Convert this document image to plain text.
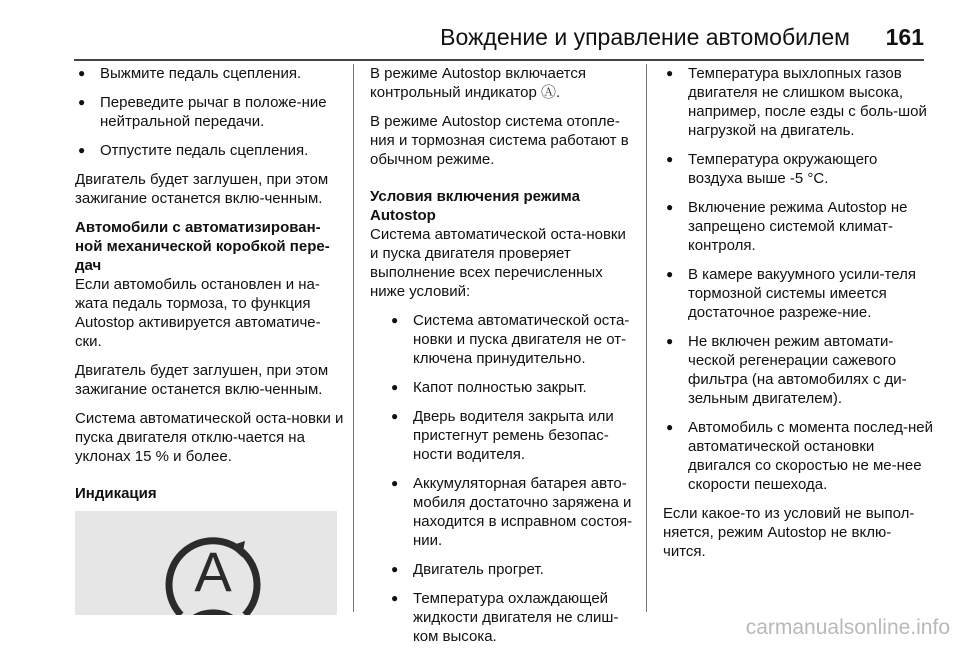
Вождение и управление автомобилем 161
● Выжмите педаль сцепления.
● Переведите рычаг в положе-ние нейтральной передачи.
● Отпустите педаль сцепления.

Двигатель будет заглушен, при этом зажигание останется вклю-ченным.

Автомобили с автоматизирован-ной механической коробкой пере-дач

Если автомобиль остановлен и на-жата педаль тормоза, то функция Autostop активируется автоматиче-ски.

Двигатель будет заглушен, при этом зажигание останется вклю-ченным.

Система автоматической оста-новки и пуска двигателя отклю-чается на уклонах 15 % и более.

Индикация
A

В режиме Autostop включается контрольный индикатор Ⓐ.

В режиме Autostop система отопле-ния и тормозная система работают в обычном режиме.

Условия включения режима Autostop

Система автоматической оста-новки и пуска двигателя проверяет выполнение всех перечисленных ниже условий:

● Система автоматической оста-новки и пуска двигателя не от-ключена принудительно.
● Капот полностью закрыт.
● Дверь водителя закрыта или пристегнут ремень безопас-ности водителя.
● Аккумуляторная батарея авто-мобиля достаточно заряжена и находится в исправном состоя-нии.
● Двигатель прогрет.
● Температура охлаждающей жидкости двигателя не слиш-ком высока.
● Температура выхлопных газов двигателя не слишком высока, например, после езды с боль-шой нагрузкой на двигатель.
● Температура окружающего воздуха выше -5 °C.
● Включение режима Autostop не запрещено системой климат-контроля.
● В камере вакуумного усили-теля тормозной системы имеется достаточное разреже-ние.
● Не включен режим автомати-ческой регенерации сажевого фильтра (на автомобилях с ди-зельным двигателем).
● Автомобиль с момента послед-ней автоматической остановки двигался со скоростью не ме-нее скорости пешехода.

Если какое-то из условий не выпол-няется, режим Autostop не вклю-чится.

carmanualsonline.info
